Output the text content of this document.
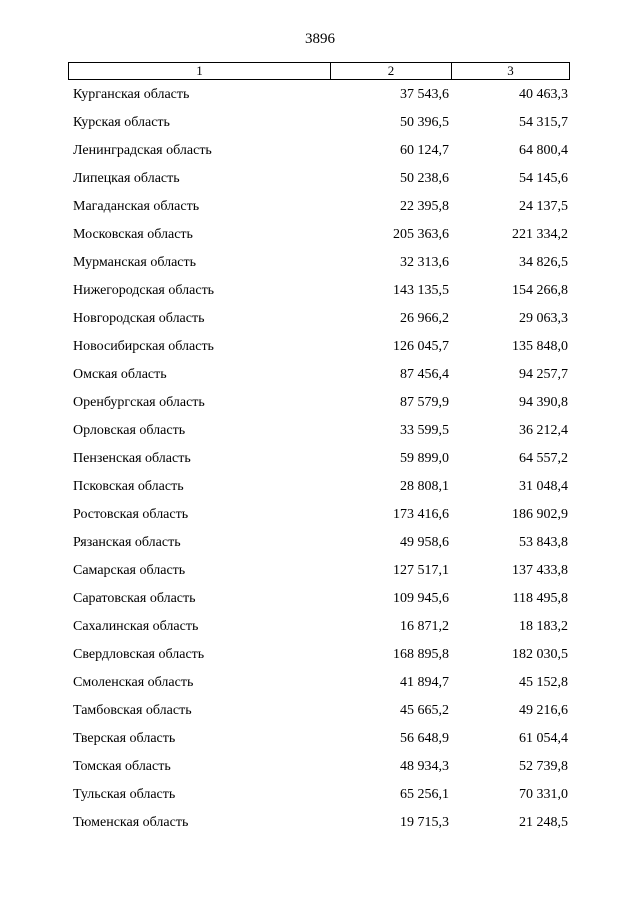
3896
1	2	3
Курганская область	37 543,6	40 463,3
Курская область	50 396,5	54 315,7
Ленинградская область	60 124,7	64 800,4
Липецкая область	50 238,6	54 145,6
Магаданская область	22 395,8	24 137,5
Московская область	205 363,6	221 334,2
Мурманская область	32 313,6	34 826,5
Нижегородская область	143 135,5	154 266,8
Новгородская область	26 966,2	29 063,3
Новосибирская область	126 045,7	135 848,0
Омская область	87 456,4	94 257,7
Оренбургская область	87 579,9	94 390,8
Орловская область	33 599,5	36 212,4
Пензенская область	59 899,0	64 557,2
Псковская область	28 808,1	31 048,4
Ростовская область	173 416,6	186 902,9
Рязанская область	49 958,6	53 843,8
Самарская область	127 517,1	137 433,8
Саратовская область	109 945,6	118 495,8
Сахалинская область	16 871,2	18 183,2
Свердловская область	168 895,8	182 030,5
Смоленская область	41 894,7	45 152,8
Тамбовская область	45 665,2	49 216,6
Тверская область	56 648,9	61 054,4
Томская область	48 934,3	52 739,8
Тульская область	65 256,1	70 331,0
Тюменская область	19 715,3	21 248,5
